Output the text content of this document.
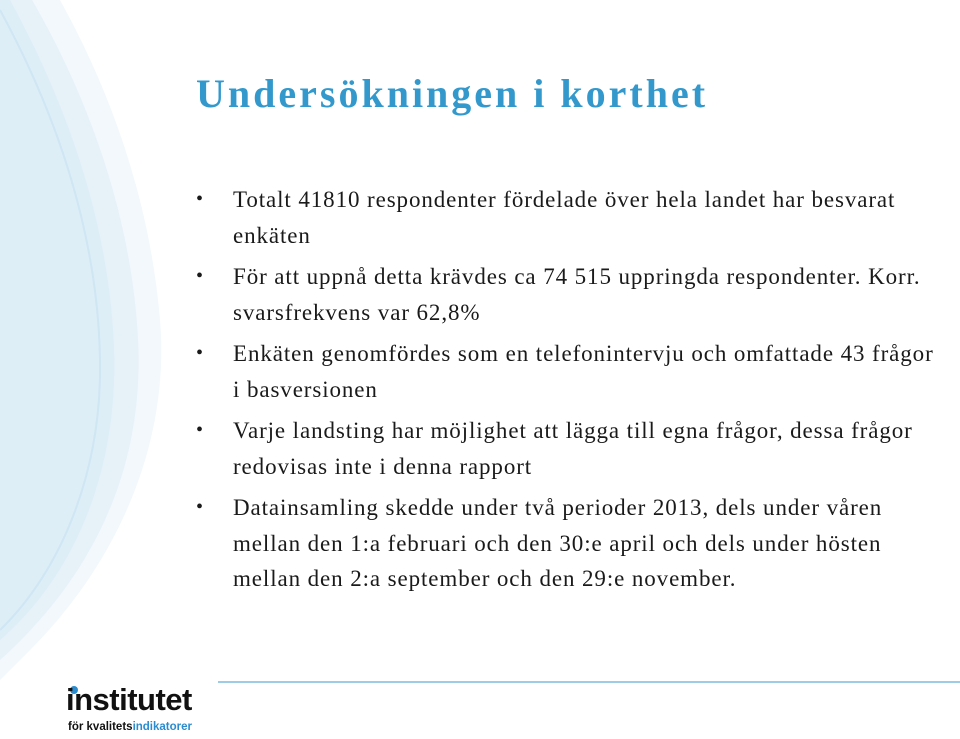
Undersökningen i korthet
• Totalt 41810 respondenter fördelade över hela landet har besvarat enkäten
• För att uppnå detta krävdes ca 74 515 uppringda respondenter. Korr. svarsfrekvens var 62,8%
• Enkäten genomfördes som en telefonintervju och omfattade 43 frågor i basversionen
• Varje landsting har möjlighet att lägga till egna frågor, dessa frågor redovisas inte i denna rapport
• Datainsamling skedde under två perioder 2013, dels under våren mellan den 1:a februari och den 30:e april och dels under hösten mellan den 2:a september och den 29:e november.
institutet
för kvalitetsindikatorer
